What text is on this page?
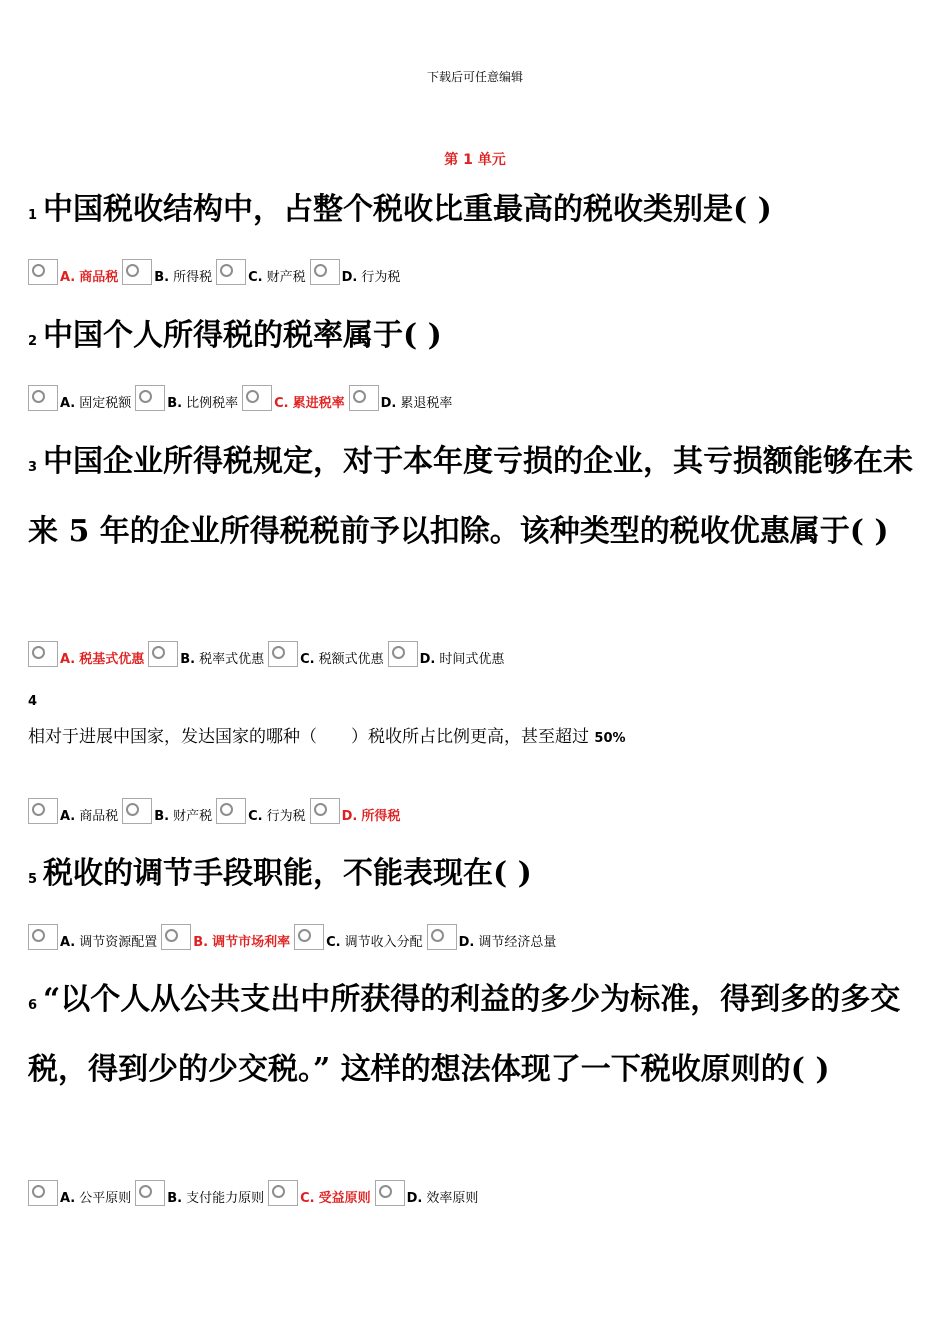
下载后可任意编辑
第 1 单元
1 中国税收结构中，占整个税收比重最高的税收类别是( )
A. 商品税	B. 所得税	C. 财产税	D. 行为税
2 中国个人所得税的税率属于( )
A. 固定税额	B. 比例税率	C. 累进税率	D. 累退税率
3 中国企业所得税规定，对于本年度亏损的企业，其亏损额能够在未来 5 年的企业所得税税前予以扣除。该种类型的税收优惠属于( )
A. 税基式优惠	B. 税率式优惠	C. 税额式优惠	D. 时间式优惠
4
相对于进展中国家，发达国家的哪种（　　）税收所占比例更高，甚至超过 50%
A. 商品税	B. 财产税	C. 行为税	D. 所得税
5 税收的调节手段职能，不能表现在( )
A. 调节资源配置	B. 调节市场利率	C. 调节收入分配	D. 调节经济总量
6 “以个人从公共支出中所获得的利益的多少为标准，得到多的多交税，得到少的少交税。” 这样的想法体现了一下税收原则的( )
A. 公平原则	B. 支付能力原则	C. 受益原则	D. 效率原则
